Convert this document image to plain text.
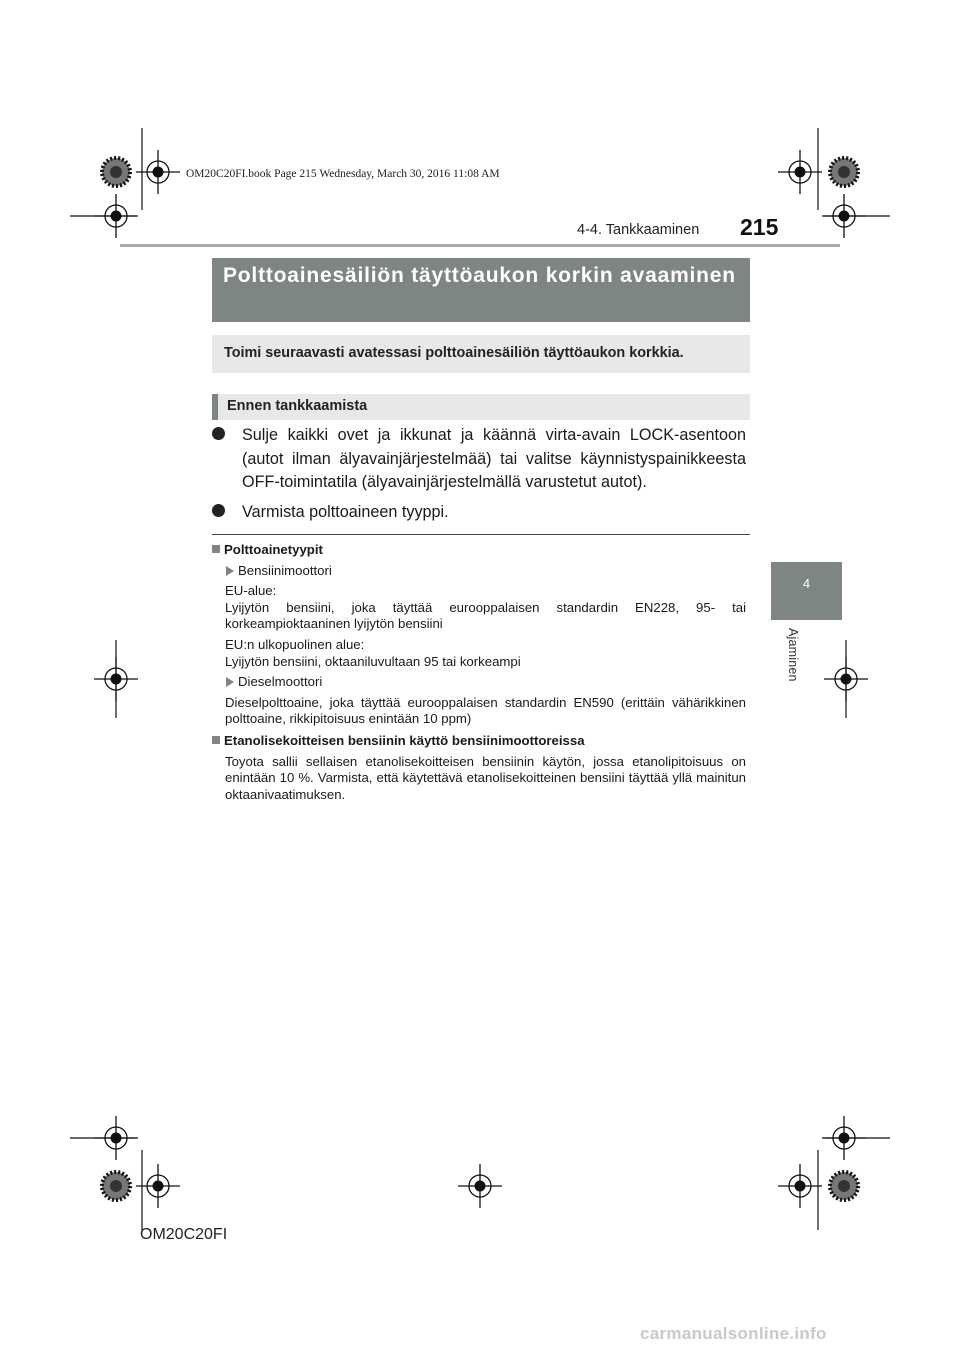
OM20C20FI.book Page 215 Wednesday, March 30, 2016 11:08 AM
4-4. Tankkaaminen 215
4
Ajaminen
Polttoainesäiliön täyttöaukon korkin avaaminen
Toimi seuraavasti avatessasi polttoainesäiliön täyttöaukon korkkia.
Ennen tankkaamista
Sulje kaikki ovet ja ikkunat ja käännä virta-avain LOCK-asentoon (autot ilman älyavainjärjestelmää) tai valitse käynnistyspainikkeesta OFF-toimintatila (älyavainjärjestelmällä varustetut autot).
Varmista polttoaineen tyyppi.
Polttoainetyypit
Bensiinimoottori
EU-alue:
Lyijytön bensiini, joka täyttää eurooppalaisen standardin EN228, 95- tai korkeampioktaaninen lyijytön bensiini
EU:n ulkopuolinen alue:
Lyijytön bensiini, oktaaniluvultaan 95 tai korkeampi
Dieselmoottori
Dieselpolttoaine, joka täyttää eurooppalaisen standardin EN590 (erittäin vähärikkinen polttoaine, rikkipitoisuus enintään 10 ppm)
Etanolisekoitteisen bensiinin käyttö bensiinimoottoreissa
Toyota sallii sellaisen etanolisekoitteisen bensiinin käytön, jossa etanolipitoisuus on enintään 10 %. Varmista, että käytettävä etanolisekoitteinen bensiini täyttää yllä mainitun oktaanivaatimuksen.
OM20C20FI
carmanualsonline.info
